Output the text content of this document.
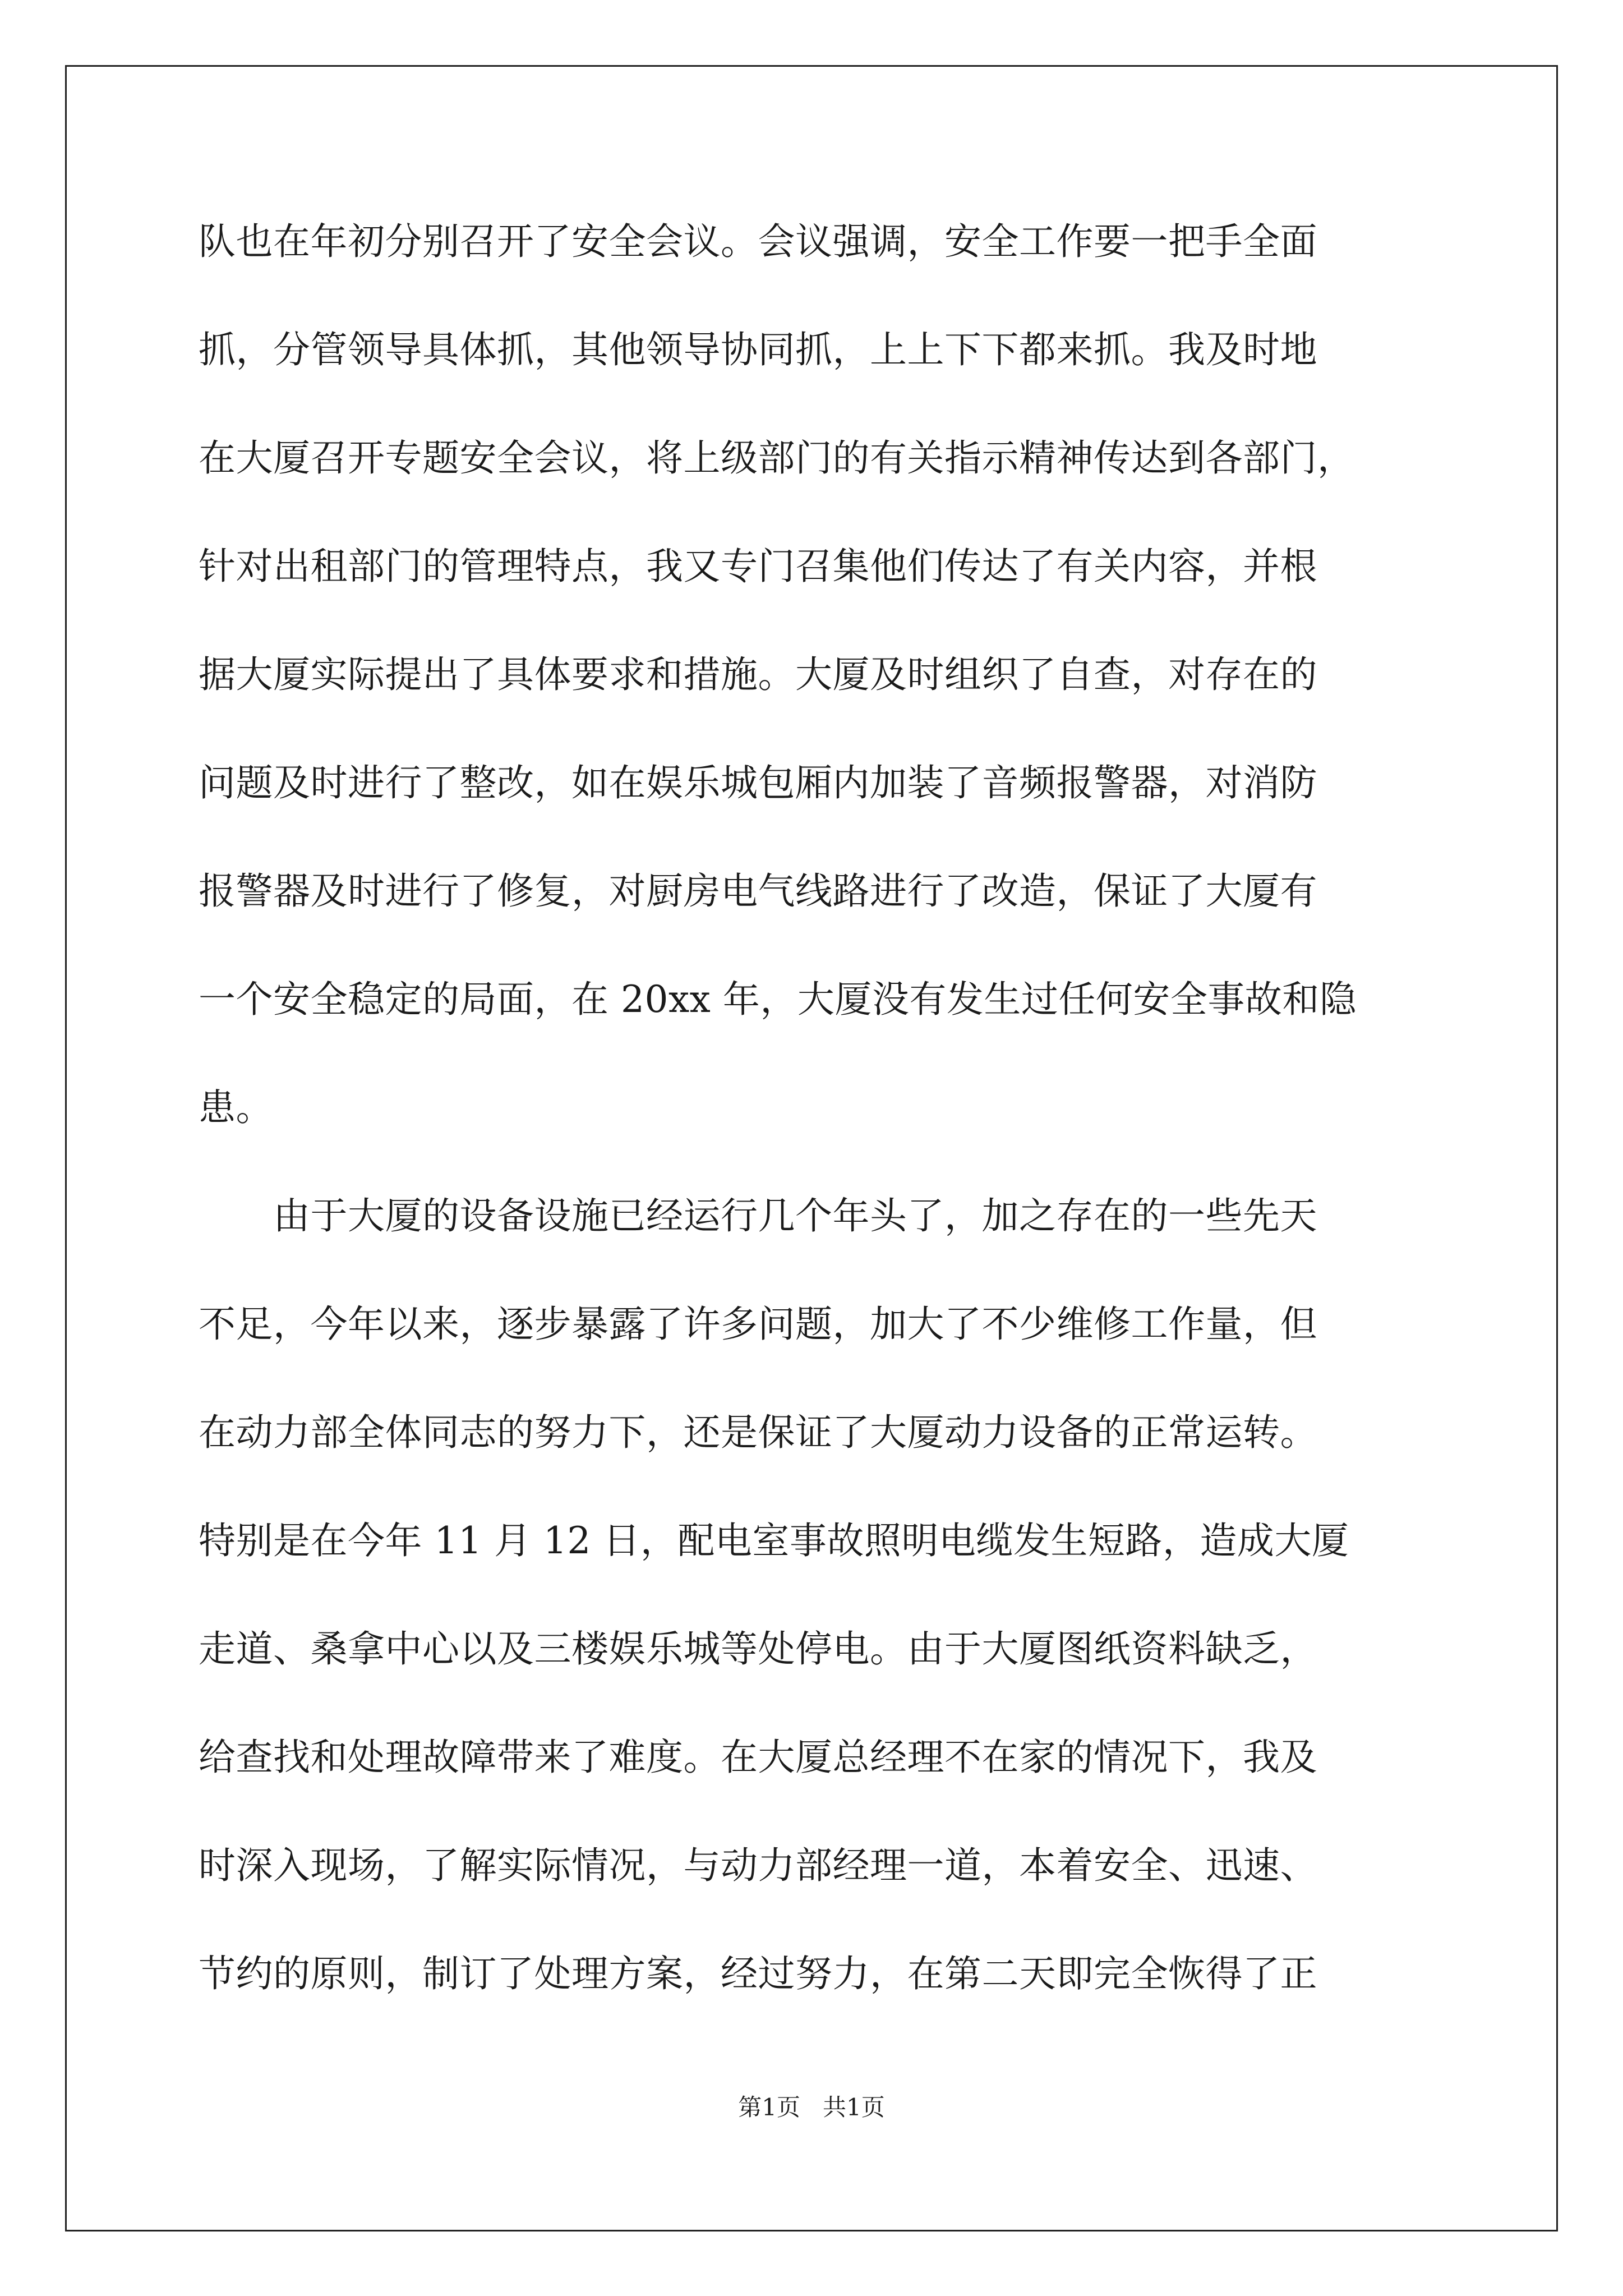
队也在年初分别召开了安全会议。会议强调，安全工作要一把手全面
抓，分管领导具体抓，其他领导协同抓，上上下下都来抓。我及时地
在大厦召开专题安全会议，将上级部门的有关指示精神传达到各部门，
针对出租部门的管理特点，我又专门召集他们传达了有关内容，并根
据大厦实际提出了具体要求和措施。大厦及时组织了自查，对存在的
问题及时进行了整改，如在娱乐城包厢内加装了音频报警器，对消防
报警器及时进行了修复，对厨房电气线路进行了改造，保证了大厦有
一个安全稳定的局面，在 20xx 年，大厦没有发生过任何安全事故和隐
患。
　　由于大厦的设备设施已经运行几个年头了，加之存在的一些先天
不足，今年以来，逐步暴露了许多问题，加大了不少维修工作量，但
在动力部全体同志的努力下，还是保证了大厦动力设备的正常运转。
特别是在今年 11 月 12 日，配电室事故照明电缆发生短路，造成大厦
走道、桑拿中心以及三楼娱乐城等处停电。由于大厦图纸资料缺乏，
给查找和处理故障带来了难度。在大厦总经理不在家的情况下，我及
时深入现场，了解实际情况，与动力部经理一道，本着安全、迅速、
节约的原则，制订了处理方案，经过努力，在第二天即完全恢得了正
第1页   共1页
